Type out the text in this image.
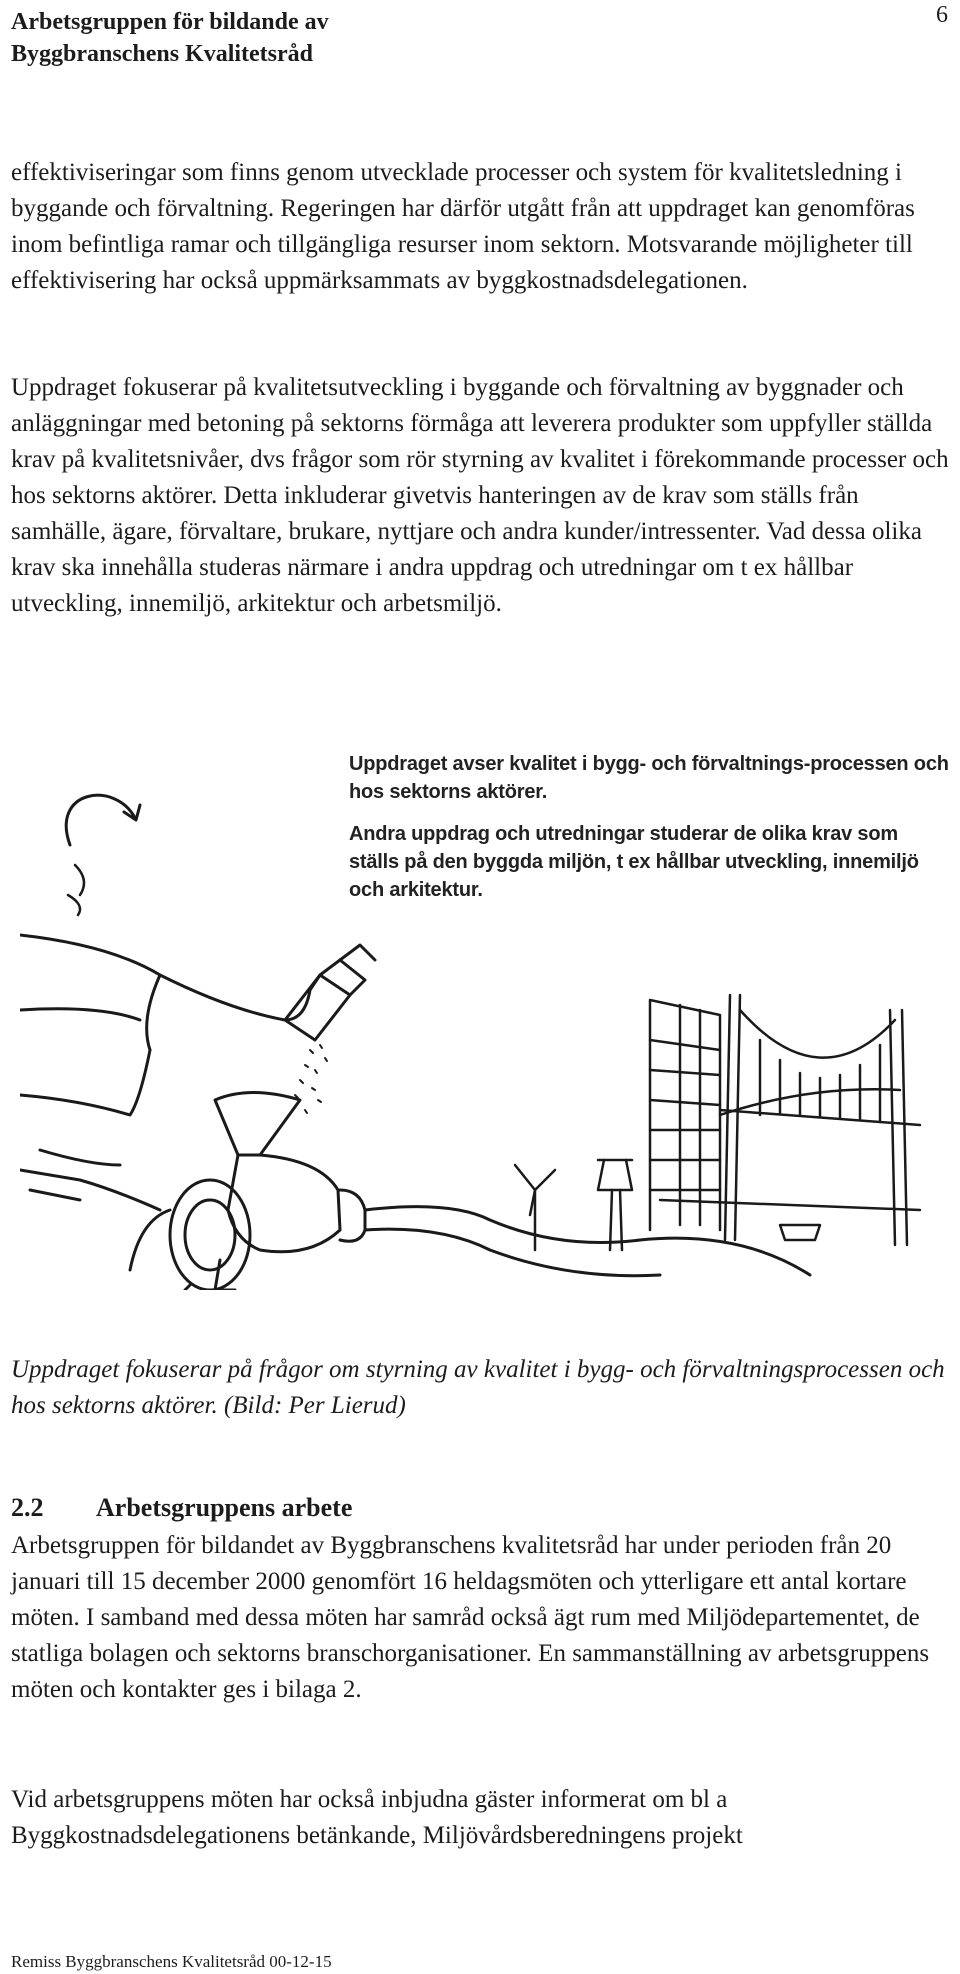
Arbetsgruppen för bildande av
Byggbranschens Kvalitetsråd
6

effektiviseringar som finns genom utvecklade processer och system för kvalitetsledning i byggande och förvaltning. Regeringen har därför utgått från att uppdraget kan genomföras inom befintliga ramar och tillgängliga resurser inom sektorn. Motsvarande möjligheter till effektivisering har också uppmärksammats av byggkostnadsdelegationen.

Uppdraget fokuserar på kvalitetsutveckling i byggande och förvaltning av byggnader och anläggningar med betoning på sektorns förmåga att leverera produkter som uppfyller ställda krav på kvalitetsnivåer, dvs frågor som rör styrning av kvalitet i förekommande processer och hos sektorns aktörer. Detta inkluderar givetvis hanteringen av de krav som ställs från samhälle, ägare, förvaltare, brukare, nyttjare och andra kunder/intressenter. Vad dessa olika krav ska innehålla studeras närmare i andra uppdrag och utredningar om t ex hållbar utveckling, innemiljö, arkitektur och arbetsmiljö.

Uppdraget avser kvalitet i bygg- och förvaltnings-processen och hos sektorns aktörer.

Andra uppdrag och utredningar studerar de olika krav som ställs på den byggda miljön, t ex hållbar utveckling, innemiljö och arkitektur.

Uppdraget fokuserar på frågor om styrning av kvalitet i bygg- och förvaltningsprocessen och hos sektorns aktörer. (Bild: Per Lierud)

2.2 Arbetsgruppens arbete

Arbetsgruppen för bildandet av Byggbranschens kvalitetsråd har under perioden från 20 januari till 15 december 2000 genomfört 16 heldagsmöten och ytterligare ett antal kortare möten. I samband med dessa möten har samråd också ägt rum med Miljödepartementet, de statliga bolagen och sektorns branschorganisationer. En sammanställning av arbetsgruppens möten och kontakter ges i bilaga 2.

Vid arbetsgruppens möten har också inbjudna gäster informerat om bl a Byggkostnadsdelegationens betänkande, Miljövårdsberedningens projekt

Remiss Byggbranschens Kvalitetsråd 00-12-15
